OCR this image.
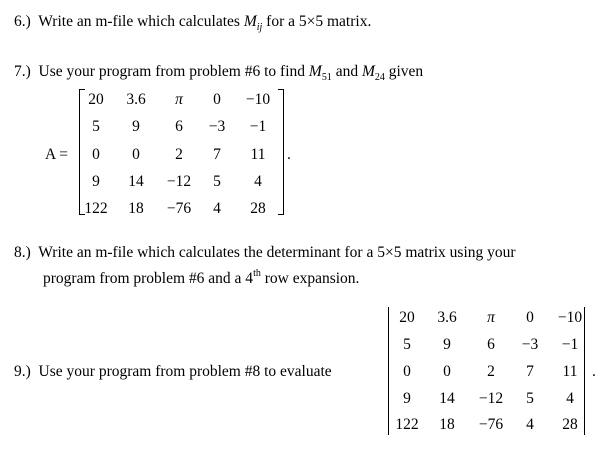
6.) Write an m-file which calculates $M_{ij}$ for a 5×5 matrix.
7.) Use your program from problem #6 to find $M_{51}$ and $M_{24}$ given
A =
20	3.6	π	0	−10
5	9	6	−3	−1
0	0	2	7	11
9	14	−12	5	4
122	18	−76	4	28
.
8.) Write an m-file which calculates the determinant for a 5×5 matrix using your
program from problem #6 and a 4th row expansion.
9.) Use your program from problem #8 to evaluate
20	3.6	π	0	−10
5	9	6	−3	−1
0	0	2	7	11
9	14	−12	5	4
122	18	−76	4	28
.
